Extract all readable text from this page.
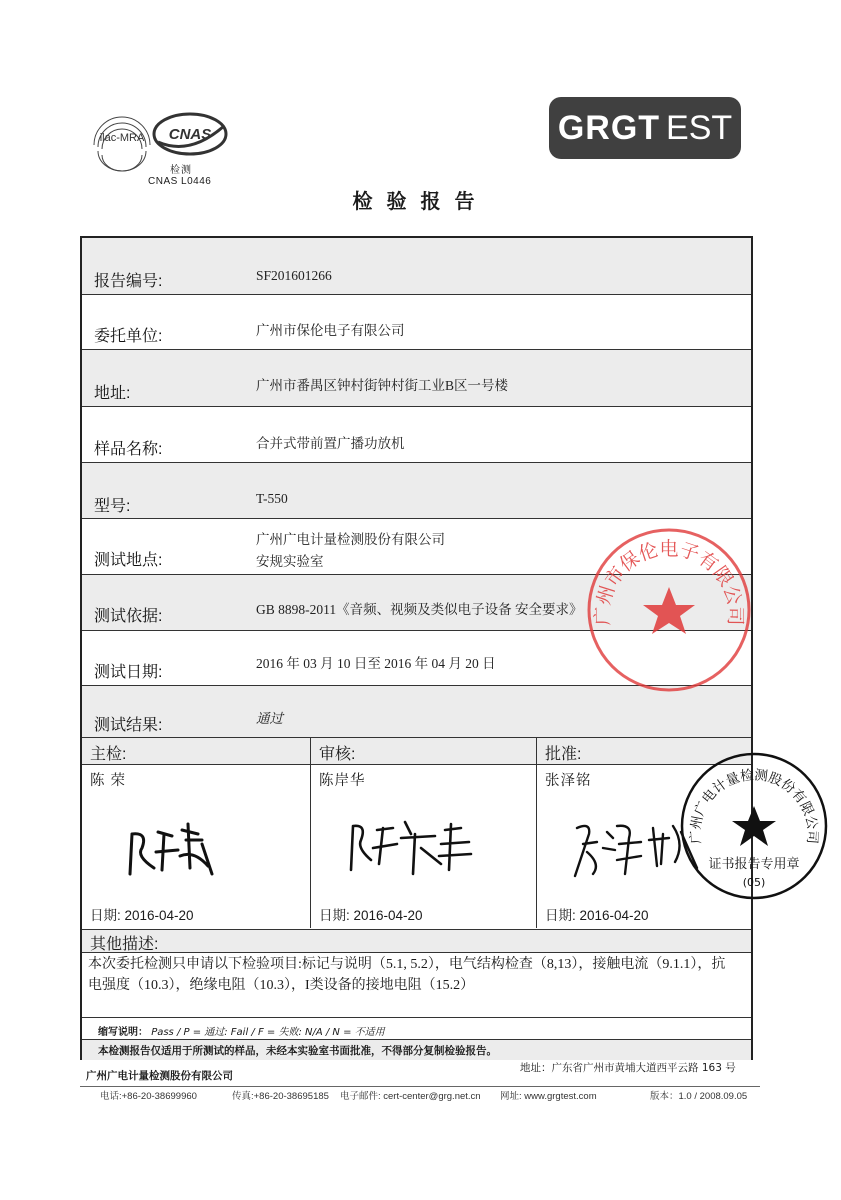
ilac-MRA CNAS
检测
CNAS L0446
GRGT EST
检验报告
报告编号:	SF201601266
委托单位:	广州市保伦电子有限公司
地址:	广州市番禺区钟村街钟村街工业B区一号楼
样品名称:	合并式带前置广播功放机
型号:	T-550
测试地点:
广州广电计量检测股份有限公司
安规实验室
测试依据:	GB 8898-2011《音频、视频及类似电子设备 安全要求》
测试日期:
2016 年 03 月 10 日至 2016 年 04 月 20 日
测试结果:	通过
主检:
陈 荣
日期: 2016-04-20
审核:
陈岸华
日期: 2016-04-20
批准:
张泽铭
日期: 2016-04-20
其他描述:
本次委托检测只申请以下检验项目:标记与说明（5.1, 5.2），电气结构检查（8,13），接触电流（9.1.1），抗电强度（10.3），绝缘电阻（10.3），I类设备的接地电阻（15.2）
缩写说明： Pass / P = 通过: Fail / F = 失败: N/A / N = 不适用
本检测报告仅适用于所测试的样品，未经本实验室书面批准，不得部分复制检验报告。
地址：广东省广州市黄埔大道西平云路 163 号
广州广电计量检测股份有限公司
电话:+86-20-38699960	传真:+86-20-38695185 电子邮件: cert-center@grg.net.cn 网址: www.grgtest.com	版本：1.0 / 2008.09.05
广州市保伦电子有限公司
广州广电计量检测股份有限公司
证书报告专用章
(05)
